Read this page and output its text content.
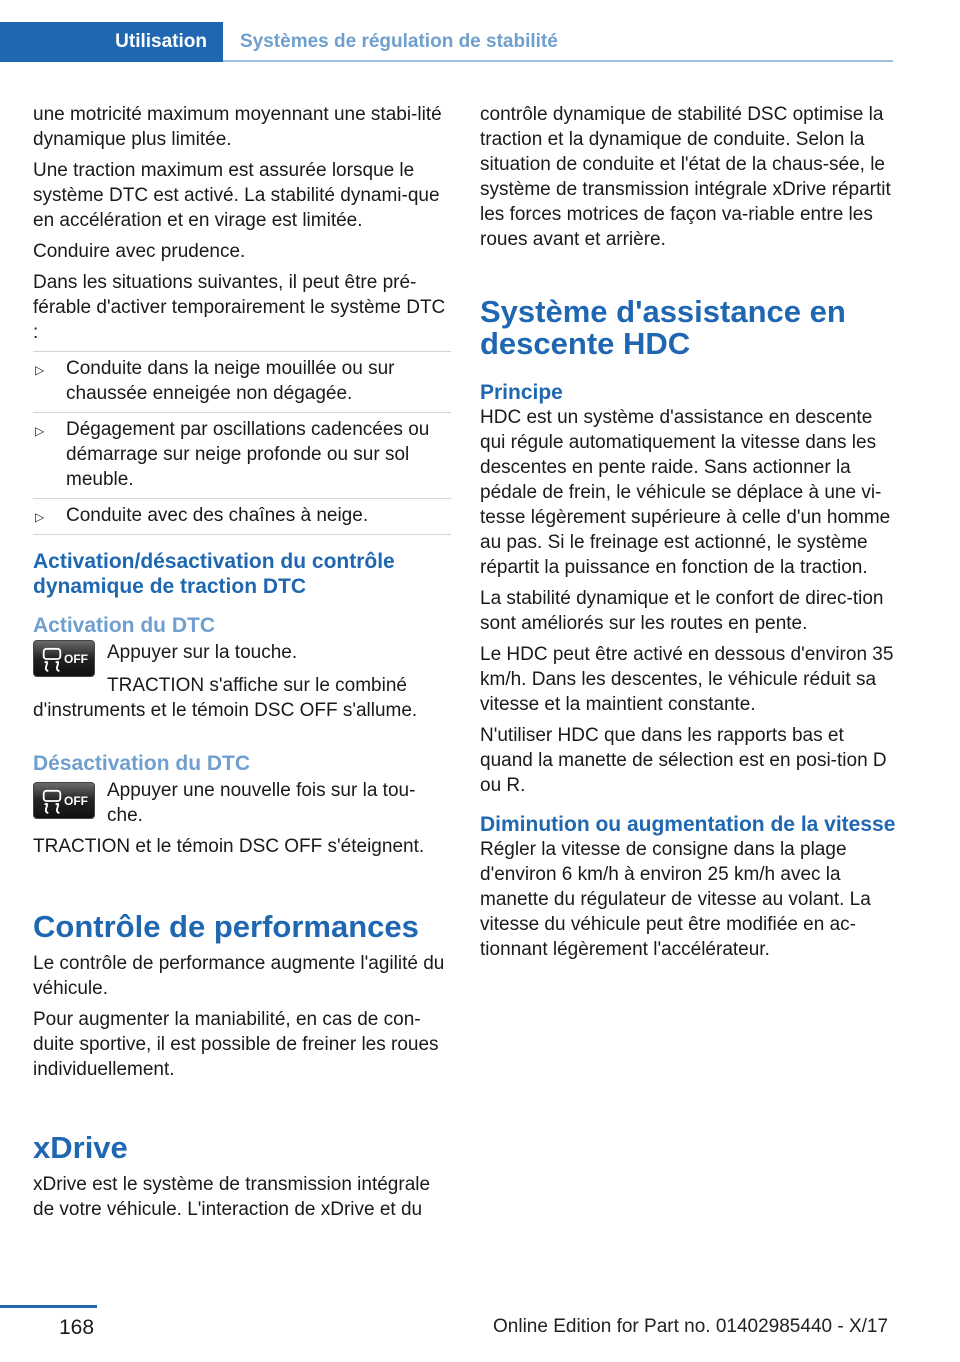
Utilisation Systèmes de régulation de stabilité

une motricité maximum moyennant une stabi-lité dynamique plus limitée.

Une traction maximum est assurée lorsque le système DTC est activé. La stabilité dynami-que en accélération et en virage est limitée.

Conduire avec prudence.

Dans les situations suivantes, il peut être pré-férable d'activer temporairement le système DTC :

▷ Conduite dans la neige mouillée ou sur chaussée enneigée non dégagée.
▷ Dégagement par oscillations cadencées ou démarrage sur neige profonde ou sur sol meuble.
▷ Conduite avec des chaînes à neige.
Activation/désactivation du contrôle dynamique de traction DTC
Activation du DTC
OFF Appuyer sur la touche.

TRACTION s'affiche sur le combiné d'instruments et le témoin DSC OFF s'allume.

Désactivation du DTC
OFF Appuyer une nouvelle fois sur la tou-che.

TRACTION et le témoin DSC OFF s'éteignent.

Contrôle de performances

Le contrôle de performance augmente l'agilité du véhicule.

Pour augmenter la maniabilité, en cas de con-duite sportive, il est possible de freiner les roues individuellement.

xDrive

xDrive est le système de transmission intégrale de votre véhicule. L'interaction de xDrive et du

contrôle dynamique de stabilité DSC optimise la traction et la dynamique de conduite. Selon la situation de conduite et l'état de la chaus-sée, le système de transmission intégrale xDrive répartit les forces motrices de façon va-riable entre les roues avant et arrière.

Système d'assistance en descente HDC
Principe

HDC est un système d'assistance en descente qui régule automatiquement la vitesse dans les descentes en pente raide. Sans actionner la pédale de frein, le véhicule se déplace à une vi-tesse légèrement supérieure à celle d'un homme au pas. Si le freinage est actionné, le système répartit la puissance en fonction de la traction.

La stabilité dynamique et le confort de direc-tion sont améliorés sur les routes en pente.

Le HDC peut être activé en dessous d'environ 35 km/h. Dans les descentes, le véhicule réduit sa vitesse et la maintient constante.

N'utiliser HDC que dans les rapports bas et quand la manette de sélection est en posi-tion D ou R.

Diminution ou augmentation de la vitesse

Régler la vitesse de consigne dans la plage d'environ 6 km/h à environ 25 km/h avec la manette du régulateur de vitesse au volant. La vitesse du véhicule peut être modifiée en ac-tionnant légèrement l'accélérateur.

168	Online Edition for Part no. 01402985440 - X/17
